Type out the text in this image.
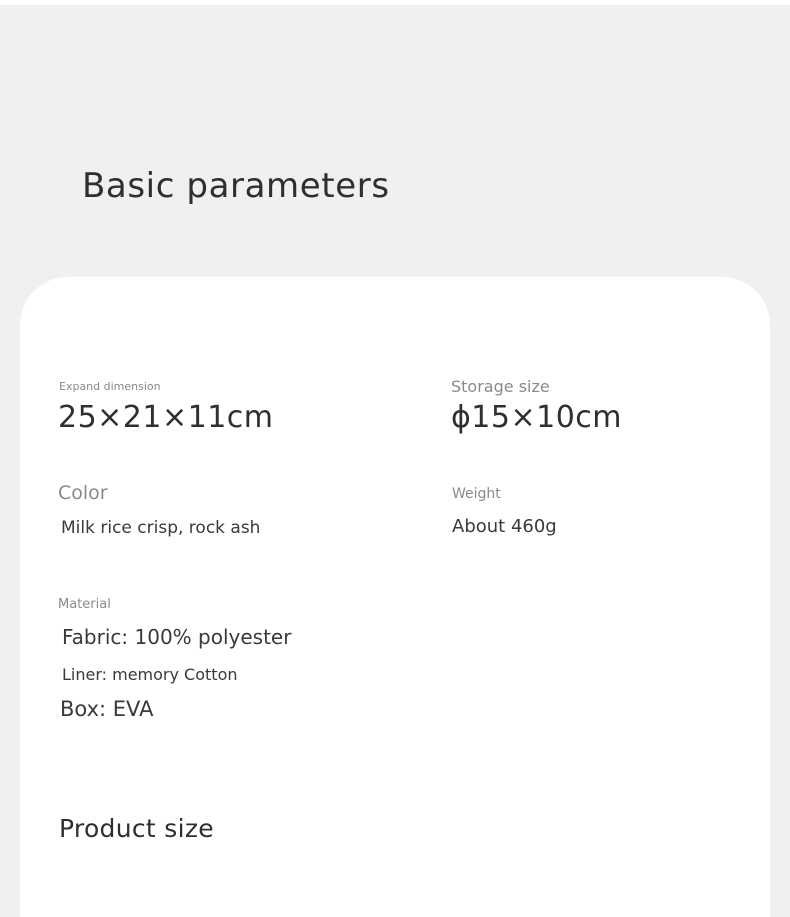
Basic parameters
Expand dimension
25×21×11cm
Storage size
ϕ15×10cm
Color
Milk rice crisp, rock ash
Weight
About 460g
Material
Fabric: 100% polyester
Liner: memory Cotton
Box: EVA
Product size
